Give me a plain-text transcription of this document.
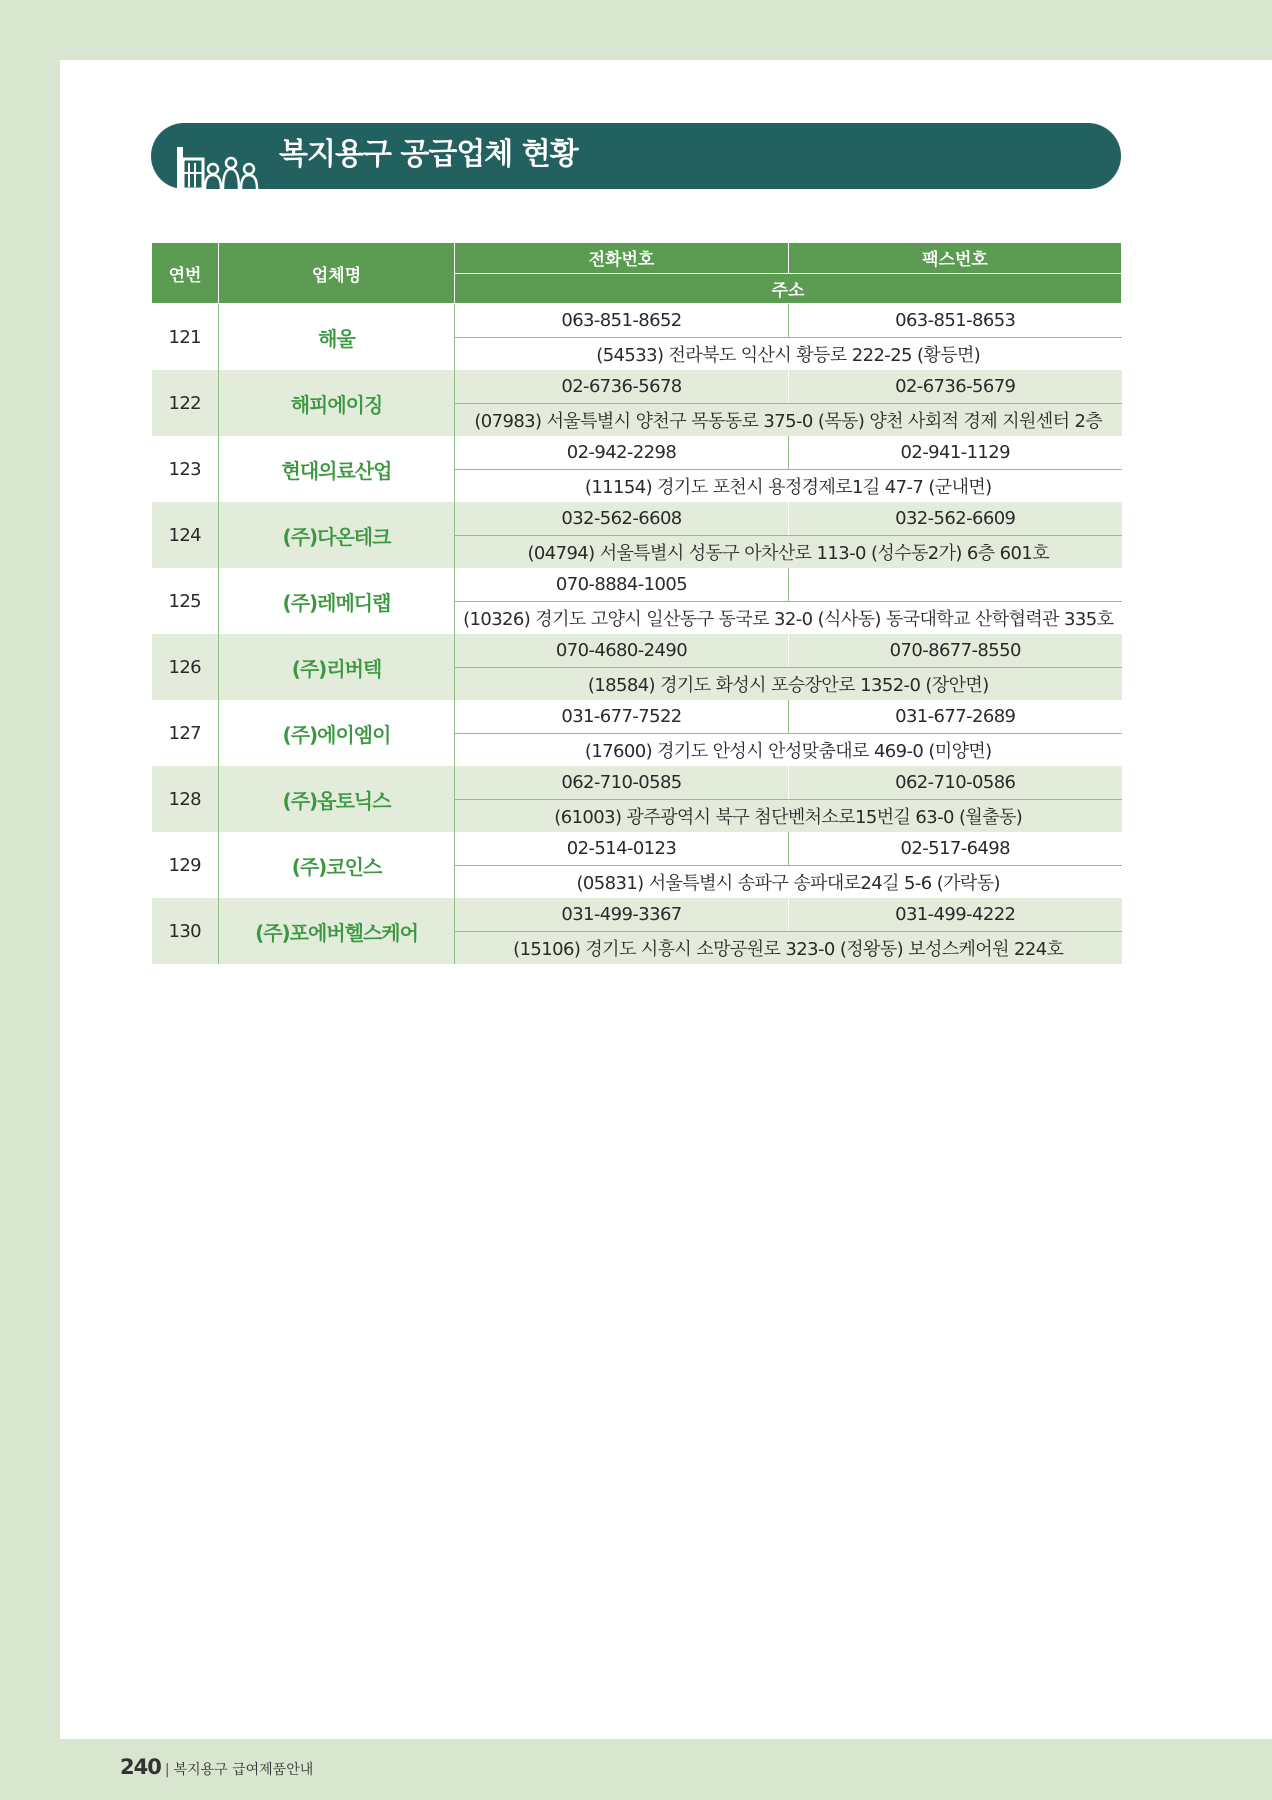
복지용구 공급업체 현황
연번	업체명	전화번호	팩스번호
		주소	
121	해울	063-851-8652	063-851-8653
		(54533) 전라북도 익산시 황등로 222-25 (황등면)	
122	해피에이징	02-6736-5678	02-6736-5679
		(07983) 서울특별시 양천구 목동동로 375-0 (목동) 양천 사회적 경제 지원센터 2층	
123	현대의료산업	02-942-2298	02-941-1129
		(11154) 경기도 포천시 용정경제로1길 47-7 (군내면)	
124	(주)다온테크	032-562-6608	032-562-6609
		(04794) 서울특별시 성동구 아차산로 113-0 (성수동2가) 6층 601호	
125	(주)레메디랩	070-8884-1005	
		(10326) 경기도 고양시 일산동구 동국로 32-0 (식사동) 동국대학교 산학협력관 335호	
126	(주)리버텍	070-4680-2490	070-8677-8550
		(18584) 경기도 화성시 포승장안로 1352-0 (장안면)	
127	(주)에이엠이	031-677-7522	031-677-2689
		(17600) 경기도 안성시 안성맞춤대로 469-0 (미양면)	
128	(주)옵토닉스	062-710-0585	062-710-0586
		(61003) 광주광역시 북구 첨단벤처소로15번길 63-0 (월출동)	
129	(주)코인스	02-514-0123	02-517-6498
		(05831) 서울특별시 송파구 송파대로24길 5-6 (가락동)	
130	(주)포에버헬스케어	031-499-3367	031-499-4222
		(15106) 경기도 시흥시 소망공원로 323-0 (정왕동) 보성스케어원 224호	
240 | 복지용구 급여제품안내
